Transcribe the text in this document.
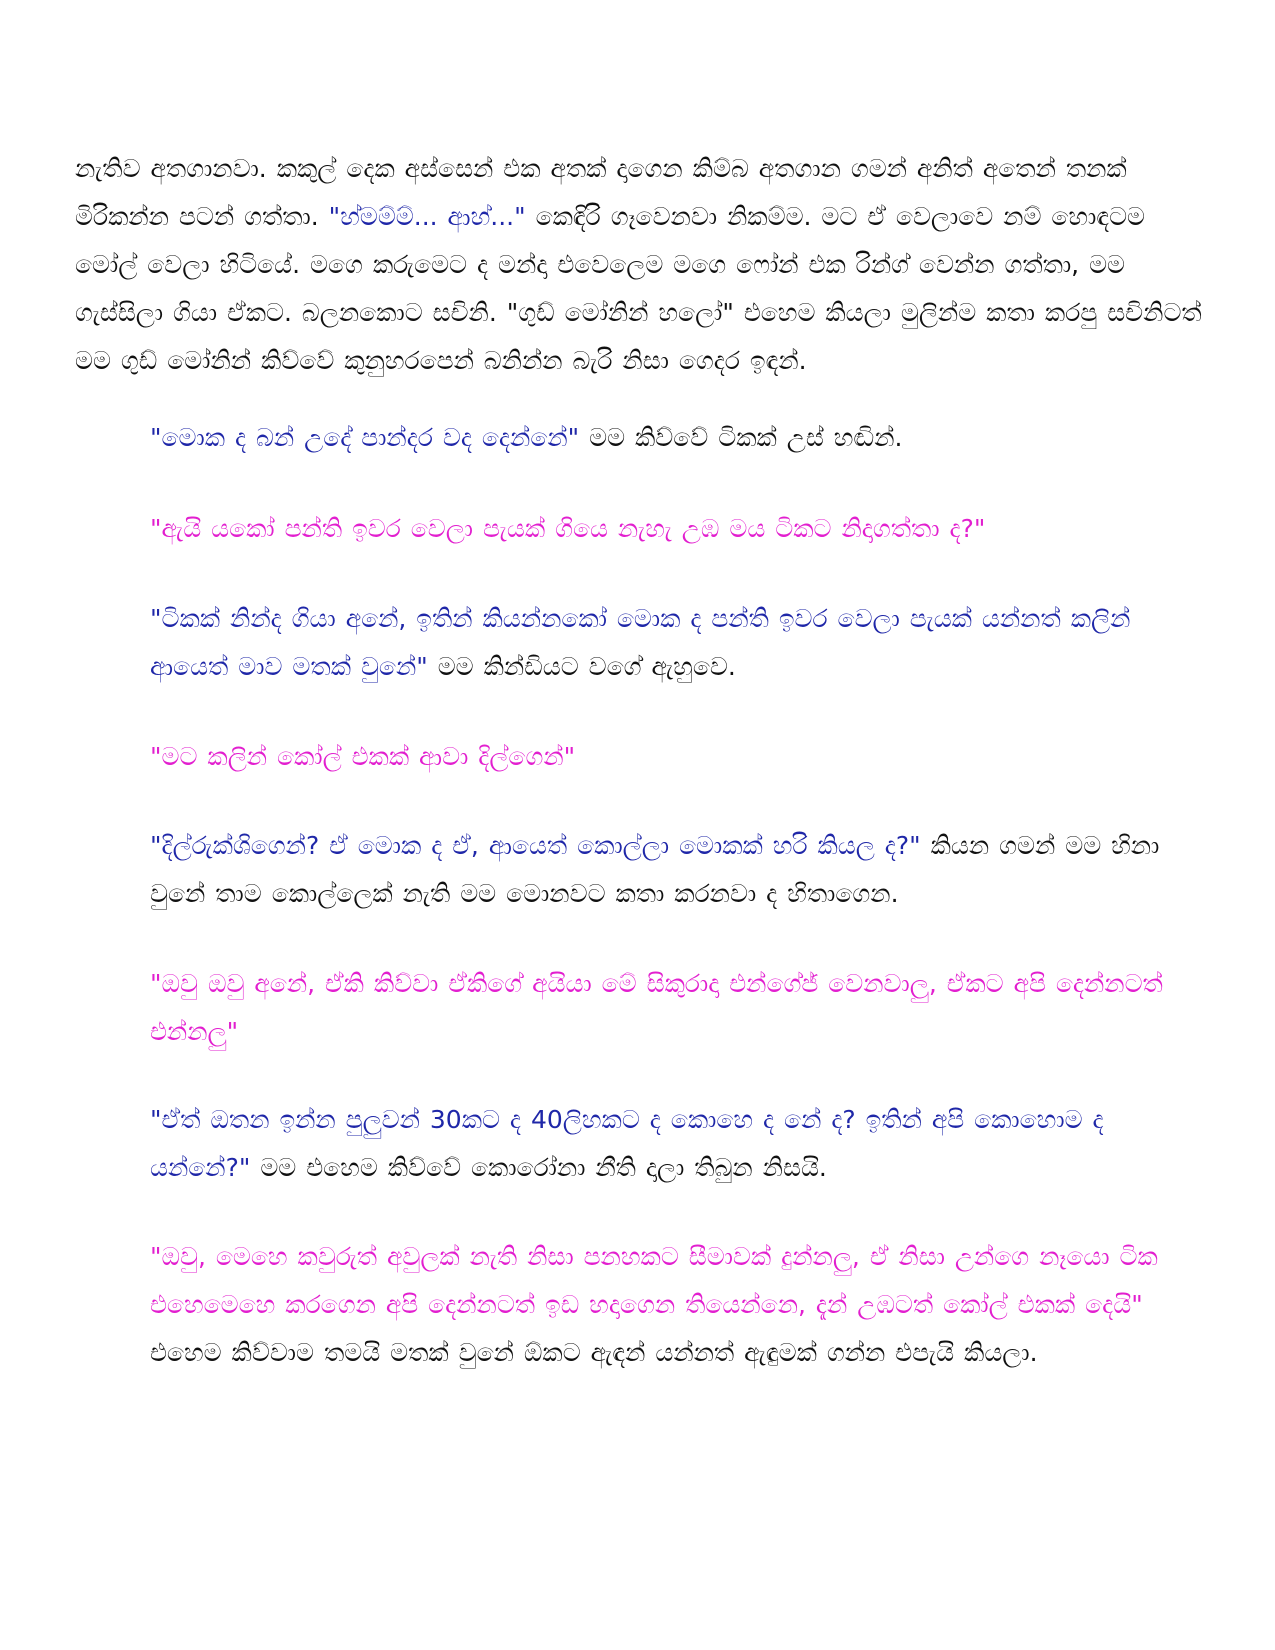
නැතිව අතගානවා. කකුල් දෙක අස්සෙන් එක අතක් දාගෙන කිම්බ අතගාන ගමන් අනිත් අතෙන් තනක් මිරිකන්න පටන් ගත්තා. "හ්මම්ම්... ආහ්..." කෙඳිරි ගෑවෙනවා නිකම්ම. මට ඒ වෙලාවෙ නම් හොඳටම මෝල් වෙලා හිටියේ. මගෙ කරුමෙට ද මන්දා එවෙලෙම මගෙ ෆෝන් එක රින්ග් වෙන්න ගත්තා, මම ගැස්සිලා ගියා ඒකට. බලනකොට සචිනි. "ගුඩ් මෝනින් හලෝ" එහෙම කියලා මුලින්ම කතා කරපු සචිනිටත් මම ගුඩ් මෝනින් කිව්වේ කුනුහරපෙන් බනින්න බැරි නිසා ගෙදර ඉඳන්.

"මොක ද බන් උදේ පාන්දර වද දෙන්නේ" මම කිව්වේ ටිකක් උස් හඬින්.

"ඇයි යකෝ පන්ති ඉවර වෙලා පැයක් ගියෙ නැහැ උඹ මය ටිකට නිදාගත්තා ද?"

"ටිකක් නින්ද ගියා අනේ, ඉතින් කියන්නකෝ මොක ද පන්ති ඉවර වෙලා පැයක් යන්නත් කලින් ආයෙත් මාව මතක් වුනේ" මම කින්ඩියට වගේ ඇහුවෙ.

"මට කලින් කෝල් එකක් ආවා දිල්ගෙන්"

"දිල්රුක්ශිගෙන්? ඒ මොක ද ඒ, ආයෙත් කොල්ලා මොකක් හරි කියල ද?" කියන ගමන් මම හිනා වුනේ තාම කොල්ලෙක් නැති මම මොනවට කතා කරනවා ද හිතාගෙන.

"ඔවු ඔවු අනේ, ඒකි කිව්වා ඒකිගේ අයියා මේ සිකුරාදා එන්ගේජ් වෙනවාලු, ඒකට අපි දෙන්නටත් එන්නලු"

"ඒත් ඔතන ඉන්න පුලුවන් 30කට ද 40ලිහකට ද කොහෙ ද නේ ද? ඉතින් අපි කොහොම ද යන්නේ?" මම එහෙම කිව්වේ කොරෝනා නීති දාලා තිබුන නිසයි.

"ඔවු, මෙහෙ කවුරුත් අවුලක් නැති නිසා පනහකට සීමාවක් දුන්නලු, ඒ නිසා උන්ගෙ නෑයො ටික එහෙමෙහෙ කරගෙන අපි දෙන්නටත් ඉඩ හදාගෙන තියෙන්නෙ, දැන් උඹටත් කෝල් එකක් දෙයි" එහෙම කිව්වාම තමයි මතක් වුනේ ඕකට ඇඳන් යන්නත් ඇඳුමක් ගන්න එපැයි කියලා.
